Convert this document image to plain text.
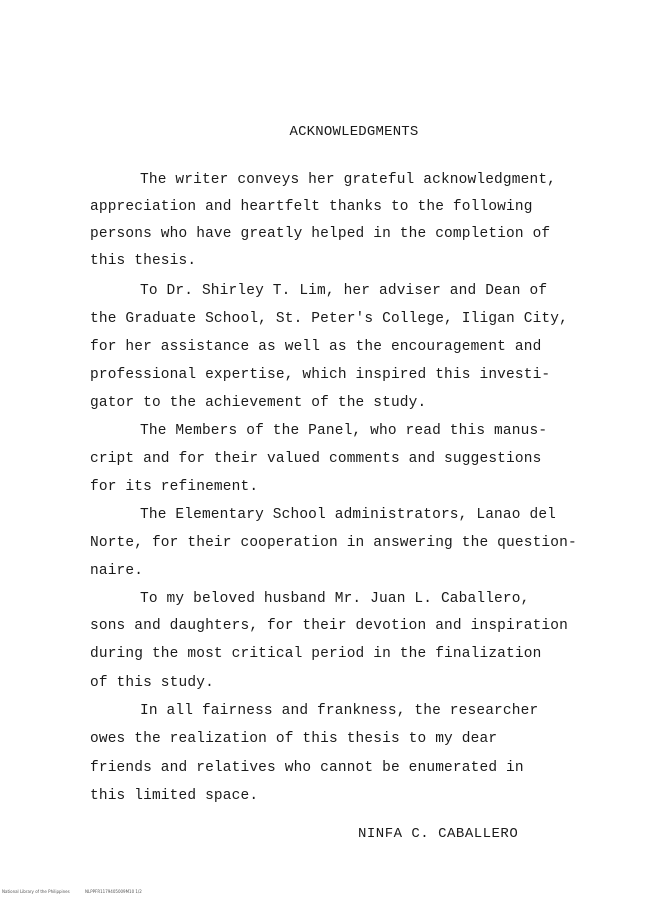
ACKNOWLEDGMENTS
The writer conveys her grateful acknowledgment,
appreciation and heartfelt thanks to the following
persons who have greatly helped in the completion of
this thesis.
To Dr. Shirley T. Lim, her adviser and Dean of
the Graduate School, St. Peter's College, Iligan City,
for her assistance as well as the encouragement and
professional expertise, which inspired this investi-
gator to the achievement of the study.
The Members of the Panel, who read this manus-
cript and for their valued comments and suggestions
for its refinement.
The Elementary School administrators, Lanao del
Norte, for their cooperation in answering the question-
naire.
To my beloved husband Mr. Juan L. Caballero,
sons and daughters, for their devotion and inspiration
during the most critical period in the finalization
of this study.
In all fairness and frankness, the researcher
owes the realization of this thesis to my dear
friends and relatives who cannot be enumerated in
this limited space.
NINFA C. CABALLERO
National Library of the Philippines	NLPPFR1179405009M10 1/2
